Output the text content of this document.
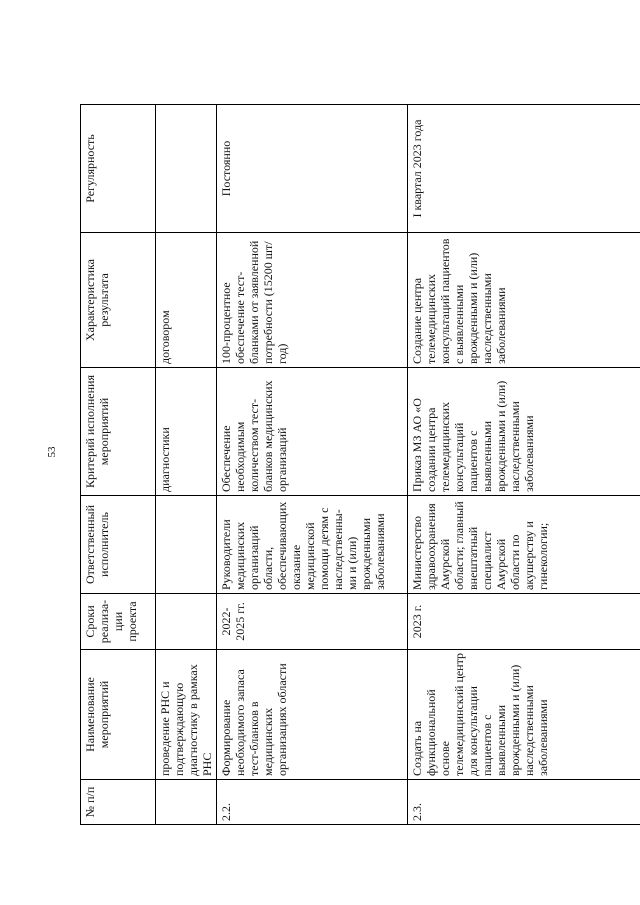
53
№ п/п	Наименование мероприятий	Сроки реализа-ции проекта	Ответственный исполнитель	Критерий исполнения мероприятий	Характеристика результата	Регулярность
	проведение РНС и подтверждающую диагностику в рамках РНС			диагностики	договором	
2.2.	Формирование необходимого запаса тест-бланков в медицинских организациях области	2022-2025 гг.	Руководители медицинских организаций области, обеспечивающих оказание медицинской помощи детям с наследственны-ми и (или) врожденными заболеваниями	Обеспечение необходимым количеством тест-бланков медицинских организаций	100-процентное обеспечение тест-бланками от заявленной потребности (15200 шт/год)	Постоянно
2.3.	Создать на функциональной основе телемедицинский центр для консультации пациентов с выявленными врожденными и (или) наследственными заболеваниями	2023 г.	Министерство здравоохранения Амурской области; главный внештатный специалист Амурской области по акушерству и гинекологии;	Приказ МЗ АО «О создании центра телемедицинских консультаций пациентов с выявленными врожденными и (или) наследственными заболеваниями	Создание центра телемедицинских консультаций пациентов с выявленными врожденными и (или) наследственными заболеваниями	I квартал 2023 года
